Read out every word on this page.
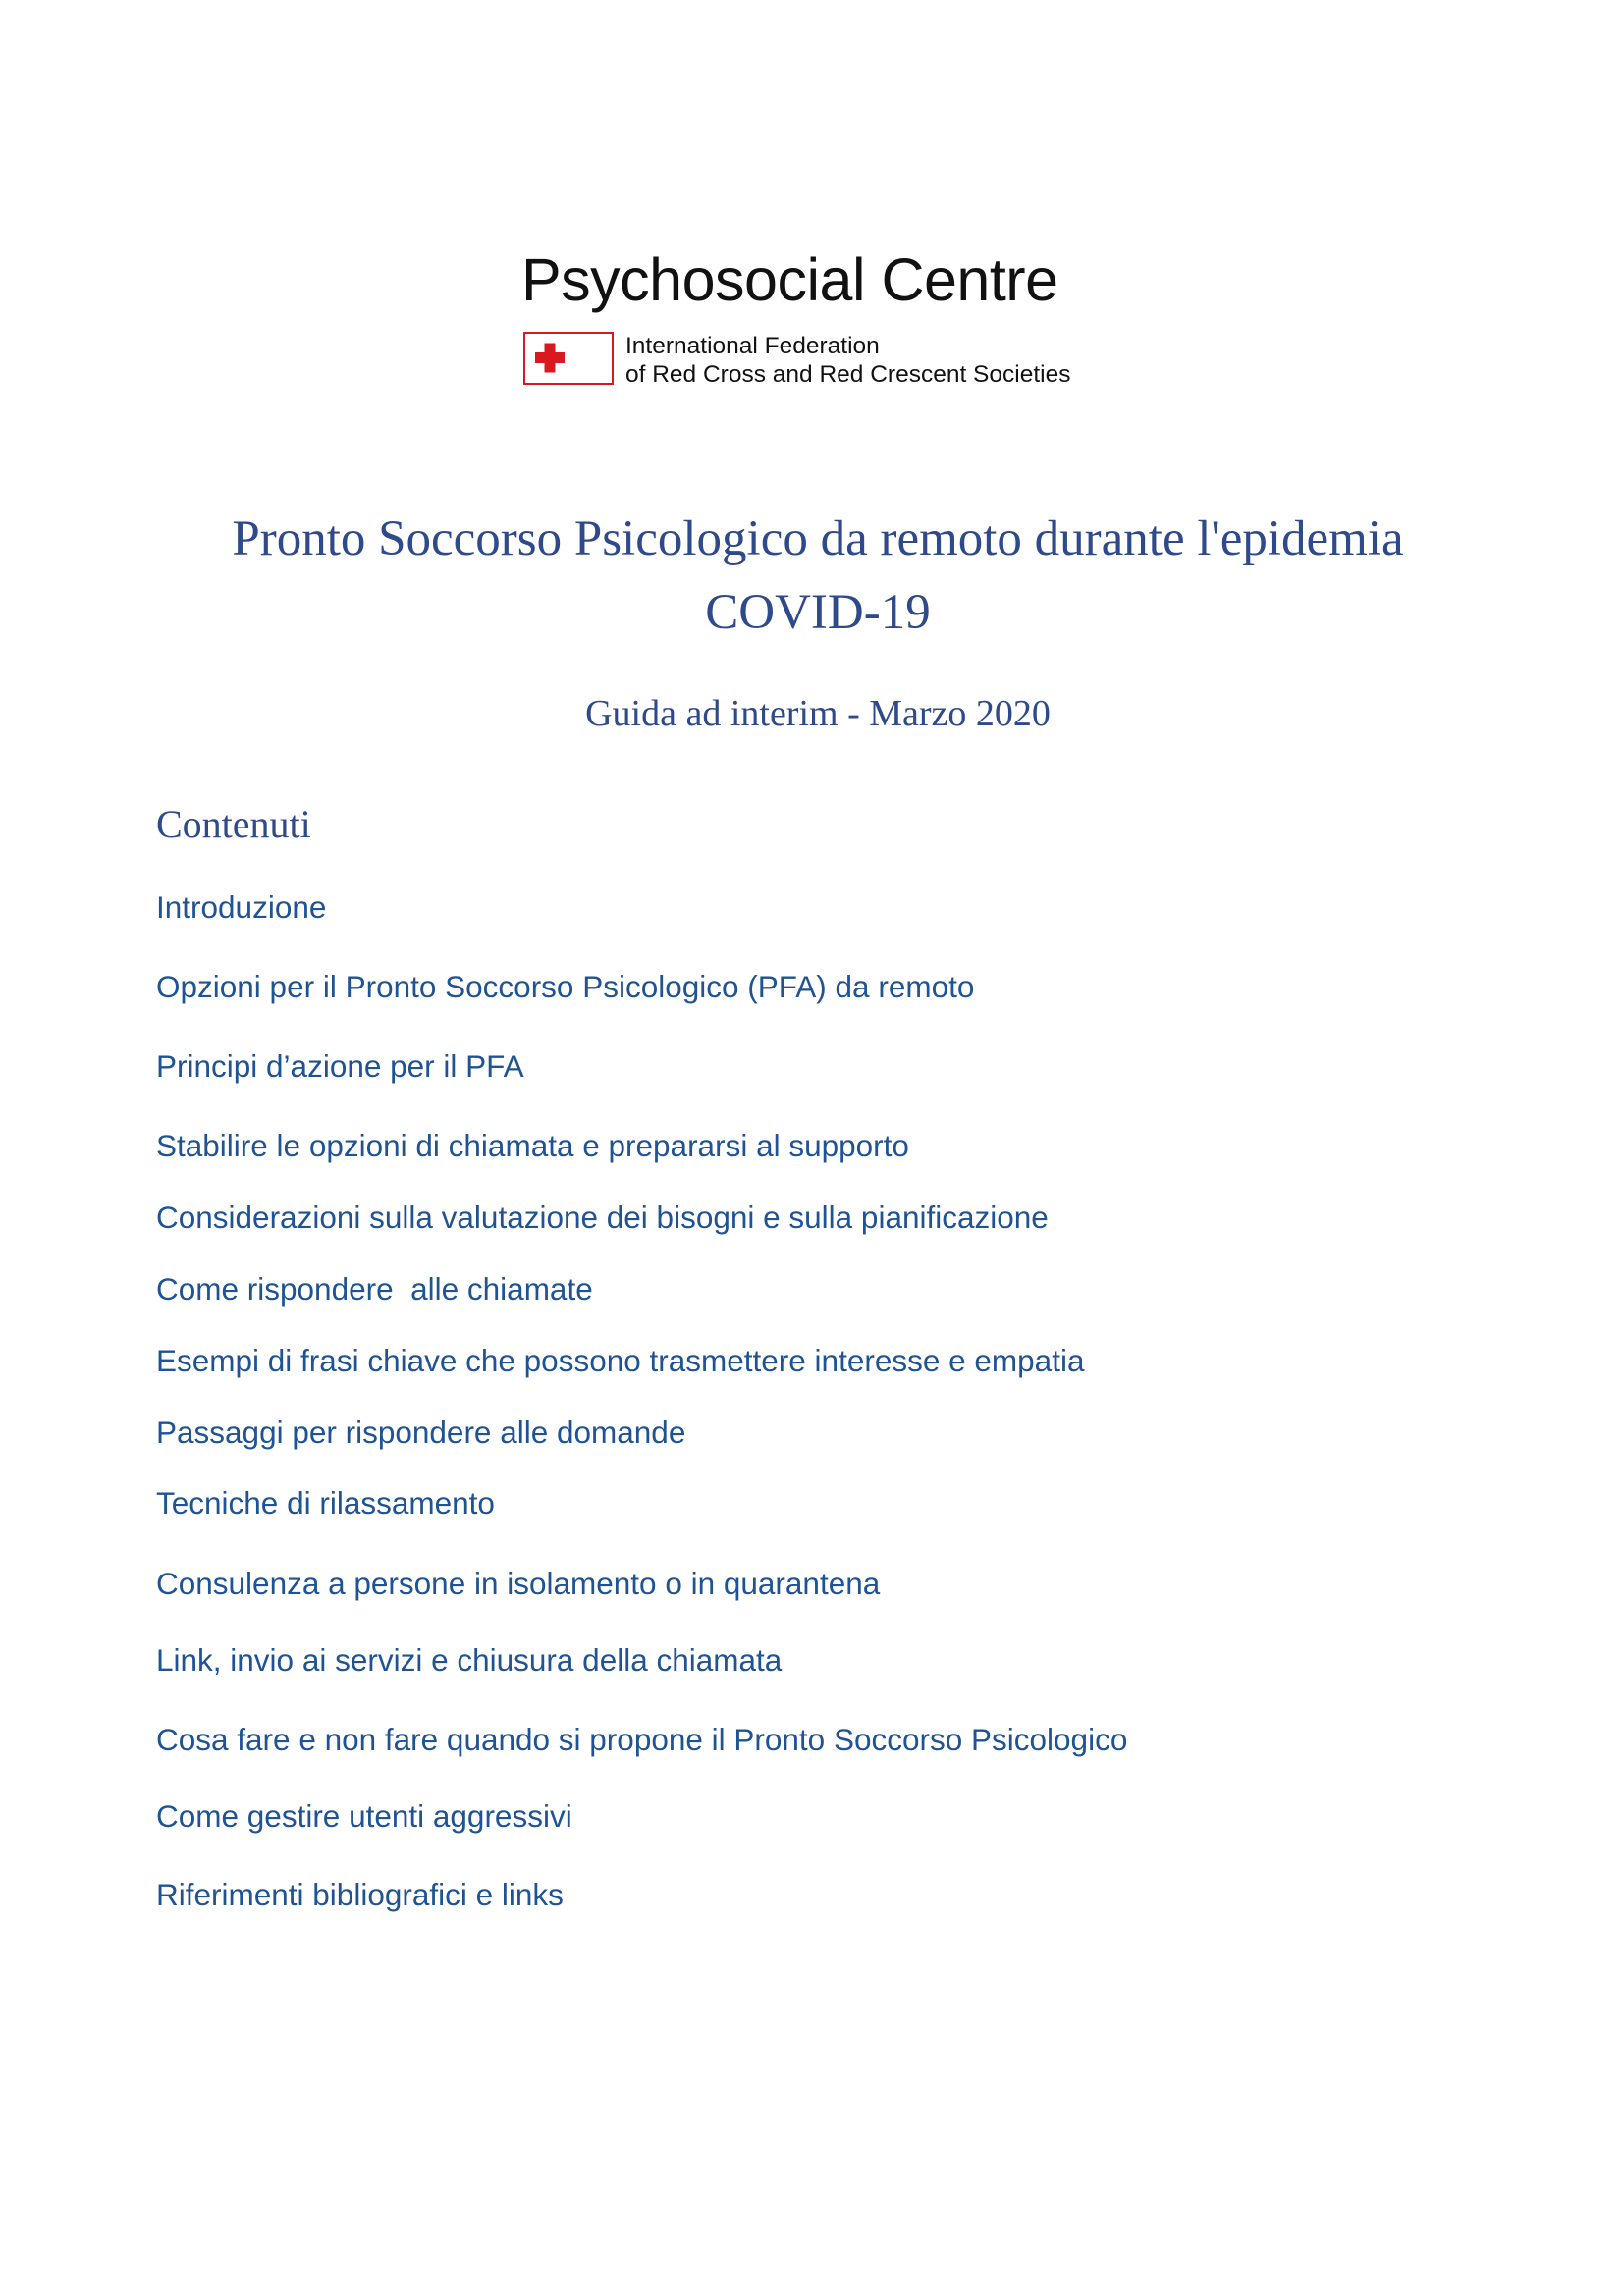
Psychosocial Centre
International Federation
of Red Cross and Red Crescent Societies
Pronto Soccorso Psicologico da remoto durante l'epidemia
COVID-19
Guida ad interim - Marzo 2020
Contenuti
Introduzione
Opzioni per il Pronto Soccorso Psicologico (PFA) da remoto
Principi d’azione per il PFA
Stabilire le opzioni di chiamata e prepararsi al supporto
Considerazioni sulla valutazione dei bisogni e sulla pianificazione
Come rispondere  alle chiamate
Esempi di frasi chiave che possono trasmettere interesse e empatia
Passaggi per rispondere alle domande
Tecniche di rilassamento
Consulenza a persone in isolamento o in quarantena
Link, invio ai servizi e chiusura della chiamata
Cosa fare e non fare quando si propone il Pronto Soccorso Psicologico
Come gestire utenti aggressivi
Riferimenti bibliografici e links
